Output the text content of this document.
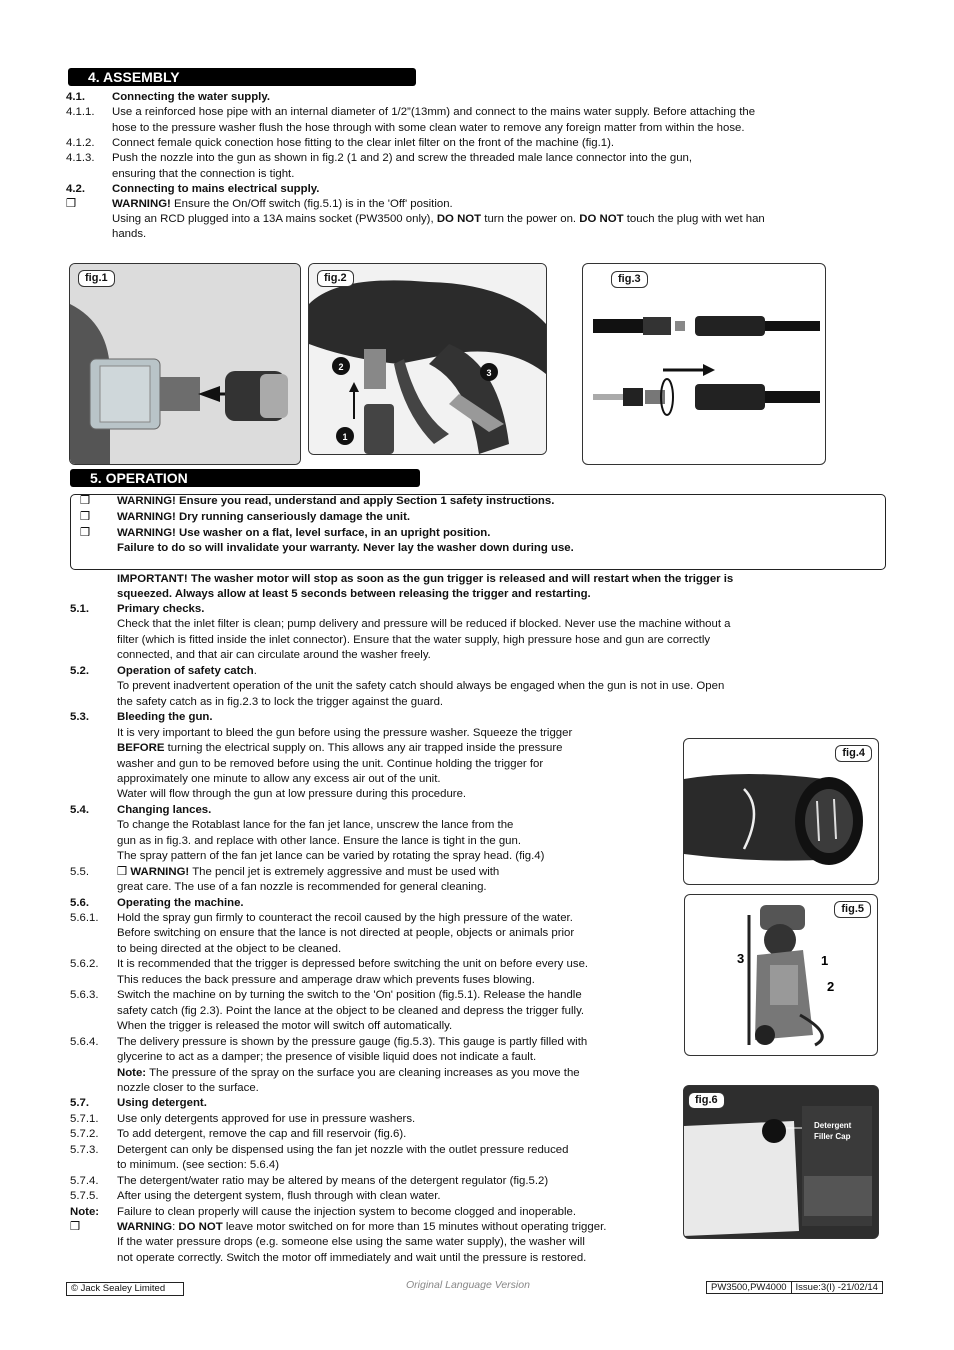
4. ASSEMBLY
4.1. Connecting the water supply.
4.1.1. Use a reinforced hose pipe with an internal diameter of 1/2”(13mm) and connect to the mains water supply. Before attaching the
hose to the pressure washer flush the hose through with some clean water to remove any foreign matter from within the hose.
4.1.2. Connect female quick conection hose fitting to the clear inlet filter on the front of the machine (fig.1).
4.1.3. Push the nozzle into the gun as shown in fig.2 (1 and 2) and screw the threaded male lance connector into the gun,
ensuring that the connection is tight.
4.2. Connecting to mains electrical supply.
❒	WARNING! Ensure the On/Off switch (fig.5.1) is in the 'Off' position.
Using an RCD plugged into a 13A mains socket (PW3500 only), DO NOT turn the power on. DO NOT touch the plug with wet han
hands.
fig.1
2
3
1
fig.2	fig.3
5. OPERATION
❒ WARNING! Ensure you read, understand and apply Section 1 safety instructions.
❒ WARNING! Dry running canseriously damage the unit.
❒ WARNING! Use washer on a flat, level surface, in an upright position.
Failure to do so will invalidate your warranty. Never lay the washer down during use.
IMPORTANT! The washer motor will stop as soon as the gun trigger is released and will restart when the trigger is
squeezed. Always allow at least 5 seconds between releasing the trigger and restarting.
5.1. Primary checks.
Check that the inlet filter is clean; pump delivery and pressure will be reduced if blocked. Never use the machine without a
filter (which is fitted inside the inlet connector). Ensure that the water supply, high pressure hose and gun are correctly
connected, and that air can circulate around the washer freely.
5.2. Operation of safety catch.
To prevent inadvertent operation of the unit the safety catch should always be engaged when the gun is not in use. Open
the safety catch as in fig.2.3 to lock the trigger against the guard.
5.3. Bleeding the gun.
It is very important to bleed the gun before using the pressure washer. Squeeze the trigger
BEFORE turning the electrical supply on. This allows any air trapped inside the pressure
washer and gun to be removed before using the unit. Continue holding the trigger for
approximately one minute to allow any excess air out of the unit.
Water will flow through the gun at low pressure during this procedure.
5.4. Changing lances.
To change the Rotablast lance for the fan jet lance, unscrew the lance from the
gun as in fig.3. and replace with other lance. Ensure the lance is tight in the gun.
The spray pattern of the fan jet lance can be varied by rotating the spray head. (fig.4)
5.5. ❒ WARNING! The pencil jet is extremely aggressive and must be used with
great care. The use of a fan nozzle is recommended for general cleaning.
5.6. Operating the machine.
5.6.1. Hold the spray gun firmly to counteract the recoil caused by the high pressure of the water.
Before switching on ensure that the lance is not directed at people, objects or animals prior
to being directed at the object to be cleaned.
5.6.2. It is recommended that the trigger is depressed before switching the unit on before every use.
This reduces the back pressure and amperage draw which prevents fuses blowing.
5.6.3. Switch the machine on by turning the switch to the 'On' position (fig.5.1). Release the handle
safety catch (fig 2.3). Point the lance at the object to be cleaned and depress the trigger fully.
When the trigger is released the motor will switch off automatically.
5.6.4. The delivery pressure is shown by the pressure gauge (fig.5.3). This gauge is partly filled with
glycerine to act as a damper; the presence of visible liquid does not indicate a fault.
Note: The pressure of the spray on the surface you are cleaning increases as you move the
nozzle closer to the surface.
5.7. Using detergent.
5.7.1. Use only detergents approved for use in pressure washers.
5.7.2. To add detergent, remove the cap and fill reservoir (fig.6).
5.7.3. Detergent can only be dispensed using the fan jet nozzle with the outlet pressure reduced
to minimum. (see section: 5.6.4)
5.7.4. The detergent/water ratio may be altered by means of the detergent regulator (fig.5.2)
5.7.5. After using the detergent system, flush through with clean water.
Note: Failure to clean properly will cause the injection system to become clogged and inoperable.
❒	WARNING: DO NOT leave motor switched on for more than 15 minutes without operating trigger.
If the water pressure drops (e.g. someone else using the same water supply), the washer will
not operate correctly. Switch the motor off immediately and wait until the pressure is restored.
fig.4
3	1
2
fig.5
Detergent
Filler Cap
fig.6
© Jack Sealey Limited	Original Language Version	PW3500,PW4000 Issue:3(I) -21/02/14
